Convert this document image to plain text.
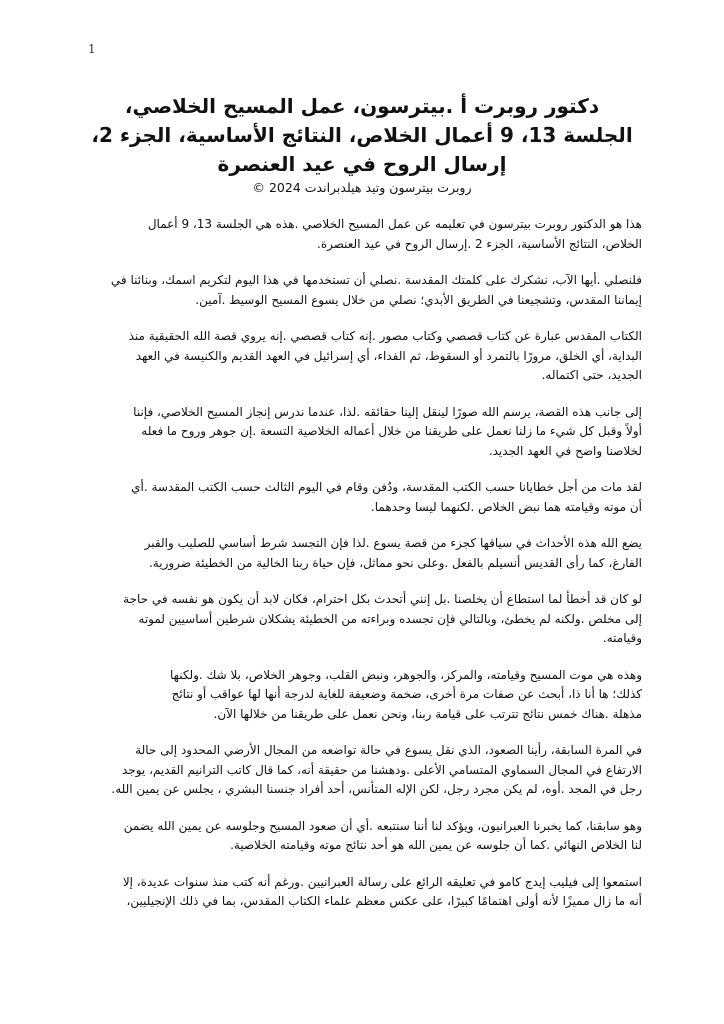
1
دكتور روبرت أ .بيترسون، عمل المسيح الخلاصي،
الجلسة 13، 9 أعمال الخلاص، النتائج الأساسية، الجزء 2،
إرسال الروح في عيد العنصرة
روبرت بيترسون وتيد هيلدبراندت 2024 ©

هذا هو الدكتور روبرت بيترسون في تعليمه عن عمل المسيح الخلاصي .هذه هي الجلسة 13، 9 أعمال
الخلاص، النتائج الأساسية، الجزء 2 .إرسال الروح في عيد العنصرة.

فلنصلي .أيها الآب، نشكرك على كلمتك المقدسة .نصلي أن تستخدمها في هذا اليوم لتكريم اسمك، وبنائنا في
إيماننا المقدس، وتشجيعنا في الطريق الأبدي؛ نصلي من خلال يسوع المسيح الوسيط .آمين.

الكتاب المقدس عبارة عن كتاب قصصي وكتاب مصور .إنه كتاب قصصي .إنه يروي قصة الله الحقيقية منذ
البداية، أي الخلق، مرورًا بالتمرد أو السقوط، ثم الفداء، أي إسرائيل في العهد القديم والكنيسة في العهد
الجديد، حتى اكتماله.

إلى جانب هذه القصة، يرسم الله صورًا لينقل إلينا حقائقه .لذا، عندما ندرس إنجاز المسيح الخلاصي، فإننا
أولاً وقبل كل شيء ما زلنا نعمل على طريقنا من خلال أعماله الخلاصية التسعة .إن جوهر وروح ما فعله
لخلاصنا واضح في العهد الجديد.

لقد مات من أجل خطايانا حسب الكتب المقدسة، ودُفن وقام في اليوم الثالث حسب الكتب المقدسة .أي
أن موته وقيامته هما نبض الخلاص .لكنهما ليسا وحدهما.

يضع الله هذه الأحداث في سياقها كجزء من قصة يسوع .لذا فإن التجسد شرط أساسي للصليب والقبر
الفارغ، كما رأى القديس أنسيلم بالفعل .وعلى نحو مماثل، فإن حياة ربنا الخالية من الخطيئة ضرورية.

لو كان قد أخطأ لما استطاع أن يخلصنا .بل إنني أتحدث بكل احترام، فكان لابد أن يكون هو نفسه في حاجة
إلى مخلص .ولكنه لم يخطئ، وبالتالي فإن تجسده وبراءته من الخطيئة يشكلان شرطين أساسيين لموته
وقيامته.

وهذه هي موت المسيح وقيامته، والمركز، والجوهر، ونبض القلب، وجوهر الخلاص، بلا شك .ولكنها
كذلك؛ ها أنا ذا، أبحث عن صفات مرة أخرى، ضخمة وضعيفة للغاية لدرجة أنها لها عواقب أو نتائج
مذهلة .هناك خمس نتائج تترتب على قيامة ربنا، ونحن نعمل على طريقنا من خلالها الآن.

في المرة السابقة، رأينا الصعود، الذي نقل يسوع في حالة تواضعه من المجال الأرضي المحدود إلى حالة
الارتفاع في المجال السماوي المتسامي الأعلى .ودهشنا من حقيقة أنه، كما قال كاتب الترانيم القديم، يوجد
رجل في المجد .أوه، لم يكن مجرد رجل، لكن الإله المتأنس، أحد أفراد جنسنا البشري ، يجلس عن يمين الله.

وهو سابقنا، كما يخبرنا العبرانيون، ويؤكد لنا أننا سنتبعه .أي أن صعود المسيح وجلوسه عن يمين الله يضمن
لنا الخلاص النهائي .كما أن جلوسه عن يمين الله هو أحد نتائج موته وقيامته الخلاصية.

استمعوا إلى فيليب إيدج كامو في تعليقه الرائع على رسالة العبرانيين .ورغم أنه كتب منذ سنوات عديدة، إلا
أنه ما زال مميزًا لأنه أولى اهتمامًا كبيرًا، على عكس معظم علماء الكتاب المقدس، بما في ذلك الإنجيليين،
